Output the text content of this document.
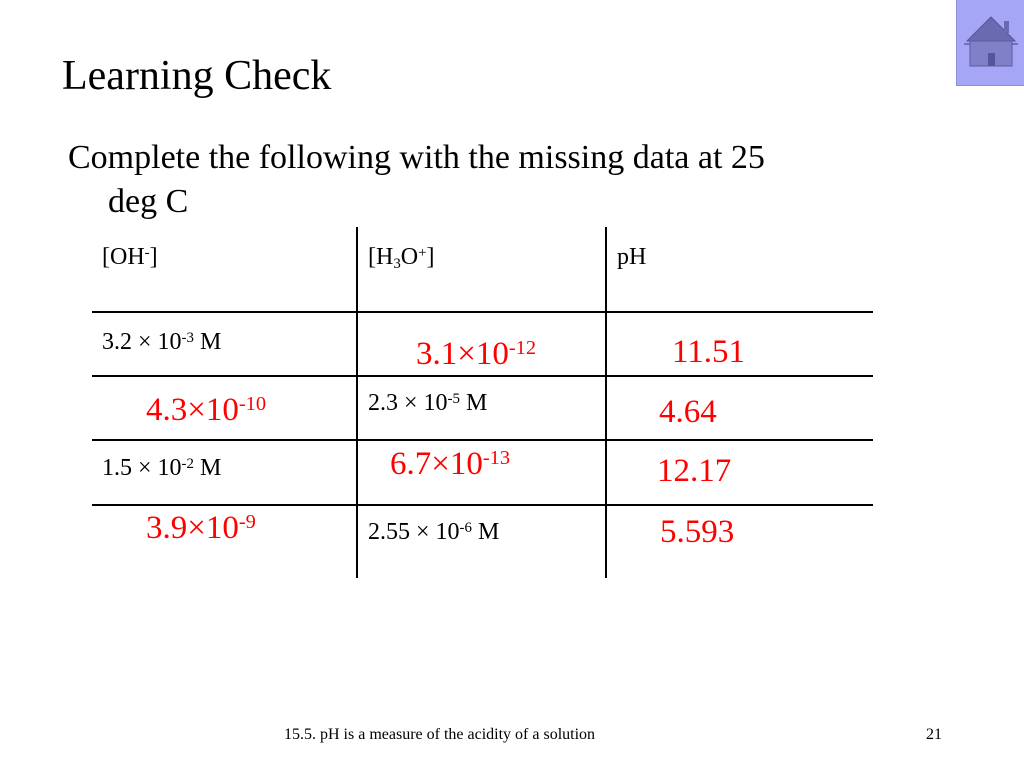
Learning Check
Complete the following with the missing data at 25
deg C
[OH-]	$[H_3O^+]$	pH
$3.2 \times 10^{-3}$ M	$3.1\times 10^{-12}$	11.51
$4.3\times 10^{-10}$	$2.3 \times 10^{-5}$ M	4.64
$1.5 \times 10^{-2}$ M	$6.7\times 10^{-13}$	12.17
$3.9\times 10^{-9}$	$2.55 \times 10^{-6}$ M	5.593
15.5. pH is a measure of the acidity of a solution	21
